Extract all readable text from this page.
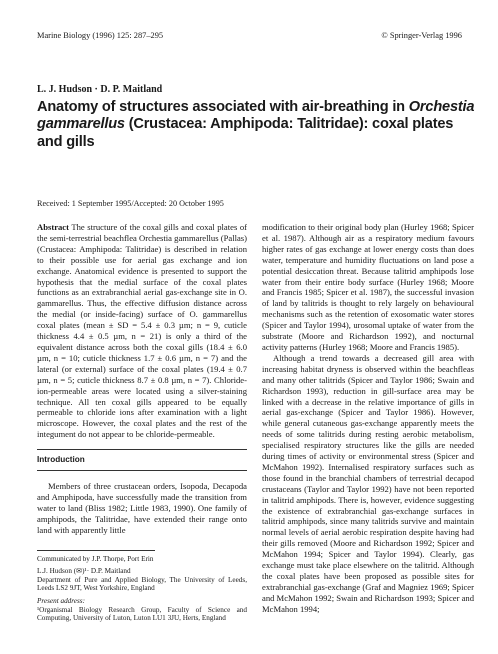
Marine Biology (1996) 125: 287–295	© Springer-Verlag 1996
L. J. Hudson · D. P. Maitland
Anatomy of structures associated with air-breathing in Orchestia gammarellus (Crustacea: Amphipoda: Talitridae): coxal plates and gills
Received: 1 September 1995/Accepted: 20 October 1995

Abstract The structure of the coxal gills and coxal plates of the semi-terrestrial beachflea Orchestia gammarellus (Pallas) (Crustacea: Amphipoda: Talitridae) is described in relation to their possible use for aerial gas exchange and ion exchange. Anatomical evidence is presented to support the hypothesis that the medial surface of the coxal plates functions as an extrabranchial aerial gas-exchange site in O. gammarellus. Thus, the effective diffusion distance across the medial (or inside-facing) surface of O. gammarellus coxal plates (mean ± SD = 5.4 ± 0.3 µm; n = 9, cuticle thickness 4.4 ± 0.5 µm, n = 21) is only a third of the equivalent distance across both the coxal gills (18.4 ± 6.0 µm, n = 10; cuticle thickness 1.7 ± 0.6 µm, n = 7) and the lateral (or external) surface of the coxal plates (19.4 ± 0.7 µm, n = 5; cuticle thickness 8.7 ± 0.8 µm, n = 7). Chloride-ion-permeable areas were located using a silver-staining technique. All ten coxal gills appeared to be equally permeable to chloride ions after examination with a light microscope. However, the coxal plates and the rest of the integument do not appear to be chloride-permeable.

Introduction

Members of three crustacean orders, Isopoda, Decapoda and Amphipoda, have successfully made the transition from water to land (Bliss 1982; Little 1983, 1990). One family of amphipods, the Talitridae, have extended their range onto land with apparently little

Communicated by J.P. Thorpe, Port Erin

L.J. Hudson (✉)¹· D.P. Maitland
Department of Pure and Applied Biology, The University of Leeds, Leeds LS2 9JT, West Yorkshire, England

Present address:

¹Organismal Biology Research Group, Faculty of Science and Computing, University of Luton, Luton LU1 3JU, Herts, England

modification to their original body plan (Hurley 1968; Spicer et al. 1987). Although air as a respiratory medium favours higher rates of gas exchange at lower energy costs than does water, temperature and humidity fluctuations on land pose a potential desiccation threat. Because talitrid amphipods lose water from their entire body surface (Hurley 1968; Moore and Francis 1985; Spicer et al. 1987), the successful invasion of land by talitrids is thought to rely largely on behavioural mechanisms such as the retention of exosomatic water stores (Spicer and Taylor 1994), urosomal uptake of water from the substrate (Moore and Richardson 1992), and nocturnal activity patterns (Hurley 1968; Moore and Francis 1985).

Although a trend towards a decreased gill area with increasing habitat dryness is observed within the beachfleas and many other talitrids (Spicer and Taylor 1986; Swain and Richardson 1993), reduction in gill-surface area may be linked with a decrease in the relative importance of gills in aerial gas-exchange (Spicer and Taylor 1986). However, while general cutaneous gas-exchange apparently meets the needs of some talitrids during resting aerobic metabolism, specialised respiratory structures like the gills are needed during times of activity or environmental stress (Spicer and McMahon 1992). Internalised respiratory surfaces such as those found in the branchial chambers of terrestrial decapod crustaceans (Taylor and Taylor 1992) have not been reported in talitrid amphipods. There is, however, evidence suggesting the existence of extrabranchial gas-exchange surfaces in talitrid amphipods, since many talitrids survive and maintain normal levels of aerial aerobic respiration despite having had their gills removed (Moore and Richardson 1992; Spicer and McMahon 1994; Spicer and Taylor 1994). Clearly, gas exchange must take place elsewhere on the talitrid. Although the coxal plates have been proposed as possible sites for extrabranchial gas-exchange (Graf and Magniez 1969; Spicer and McMahon 1992; Swain and Richardson 1993; Spicer and McMahon 1994;
